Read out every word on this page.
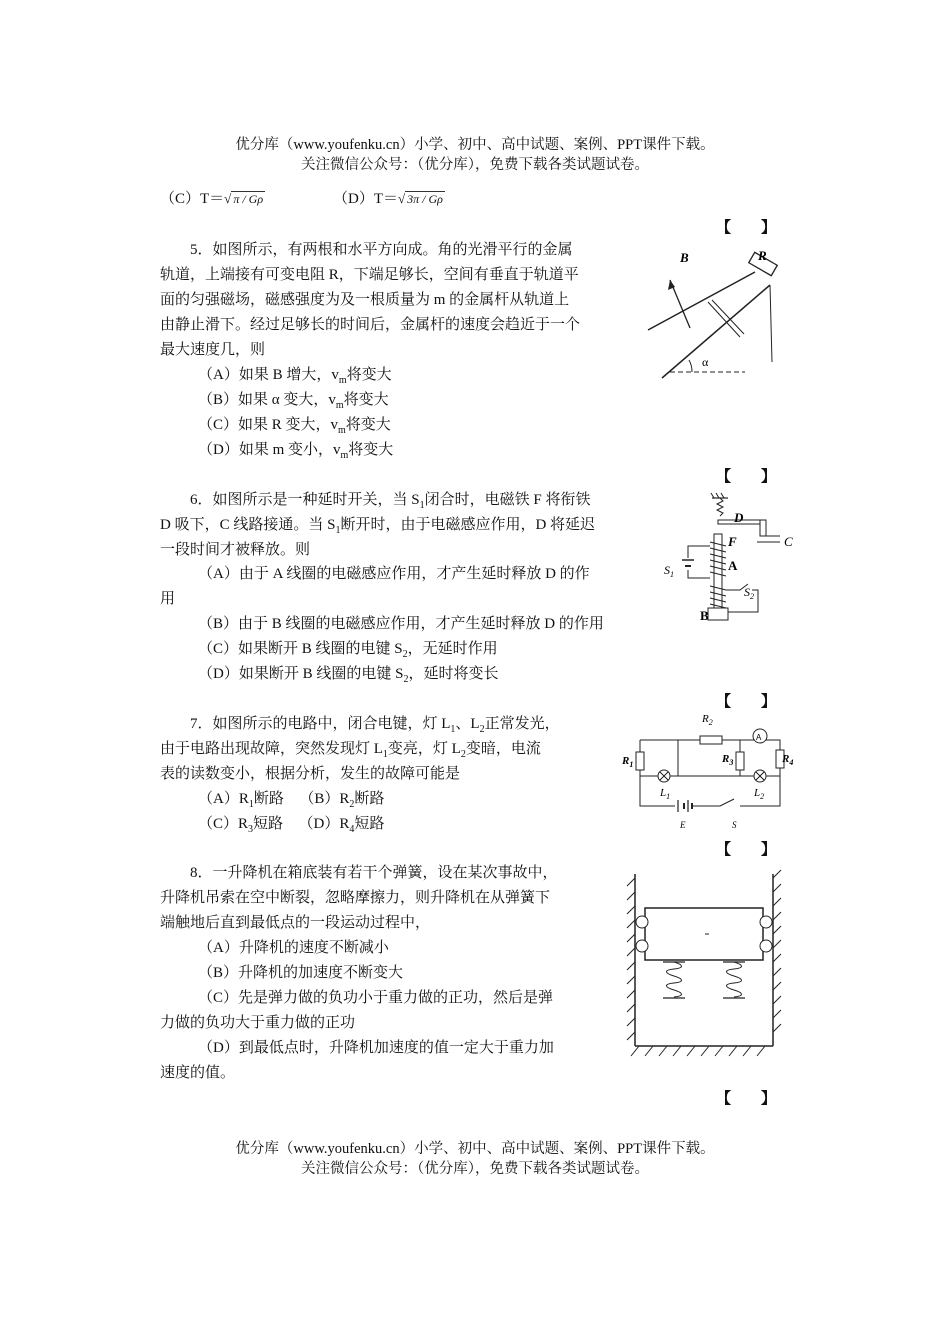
优分库（www.youfenku.cn）小学、初中、高中试题、案例、PPT课件下载。
关注微信公众号：（优分库），免费下载各类试题试卷。
（C）T＝√ π / Gρ	（D）T＝√ 3π / Gρ
【　　】
5．如图所示，有两根和水平方向成。角的光滑平行的金属
轨道，上端接有可变电阻 R，下端足够长，空间有垂直于轨道平
面的匀强磁场，磁感强度为及一根质量为 m 的金属杆从轨道上
由静止滑下。经过足够长的时间后，金属杆的速度会趋近于一个
最大速度几，则
（A）如果 B 增大，$v_m$将变大
（B）如果 α 变大，$v_m$将变大
（C）如果 R 变大，$v_m$将变大
（D）如果 m 变小，$v_m$将变大
B	R
α
【　　】
6．如图所示是一种延时开关，当 $S_1$闭合时，电磁铁 F 将衔铁
D 吸下，C 线路接通。当 $S_1$断开时，由于电磁感应作用，D 将延迟
一段时间才被释放。则
（A）由于 A 线圈的电磁感应作用，才产生延时释放 D 的作
用
（B）由于 B 线圈的电磁感应作用，才产生延时释放 D 的作用
（C）如果断开 B 线圈的电键 $S_2$，无延时作用
（D）如果断开 B 线圈的电键 $S_2$，延时将变长
D
F	C
$S_1$
A
$S_2$
B
【　　】
7．如图所示的电路中，闭合电键，灯 $L_1$、$L_2$正常发光，
由于电路出现故障，突然发现灯 $L_1$变亮，灯 $L_2$变暗，电流
表的读数变小，根据分析，发生的故障可能是
$(A)R_1$断路 $(B)R_2$断路
$(C)R_3$短路 $(D)R_4$短路
$R_2$
$R_1$	$R_3$	$R_4$
A
$L_1$	$L_2$
E	S
【　　】
8．一升降机在箱底装有若干个弹簧，设在某次事故中，
升降机吊索在空中断裂，忽略摩擦力，则升降机在从弹簧下
端触地后直到最低点的一段运动过程中，
（A）升降机的速度不断减小
（B）升降机的加速度不断变大
（C）先是弹力做的负功小于重力做的正功，然后是弹
力做的负功大于重力做的正功
（D）到最低点时，升降机加速度的值一定大于重力加
速度的值。
【　　】
优分库（www.youfenku.cn）小学、初中、高中试题、案例、PPT课件下载。
关注微信公众号：（优分库），免费下载各类试题试卷。
